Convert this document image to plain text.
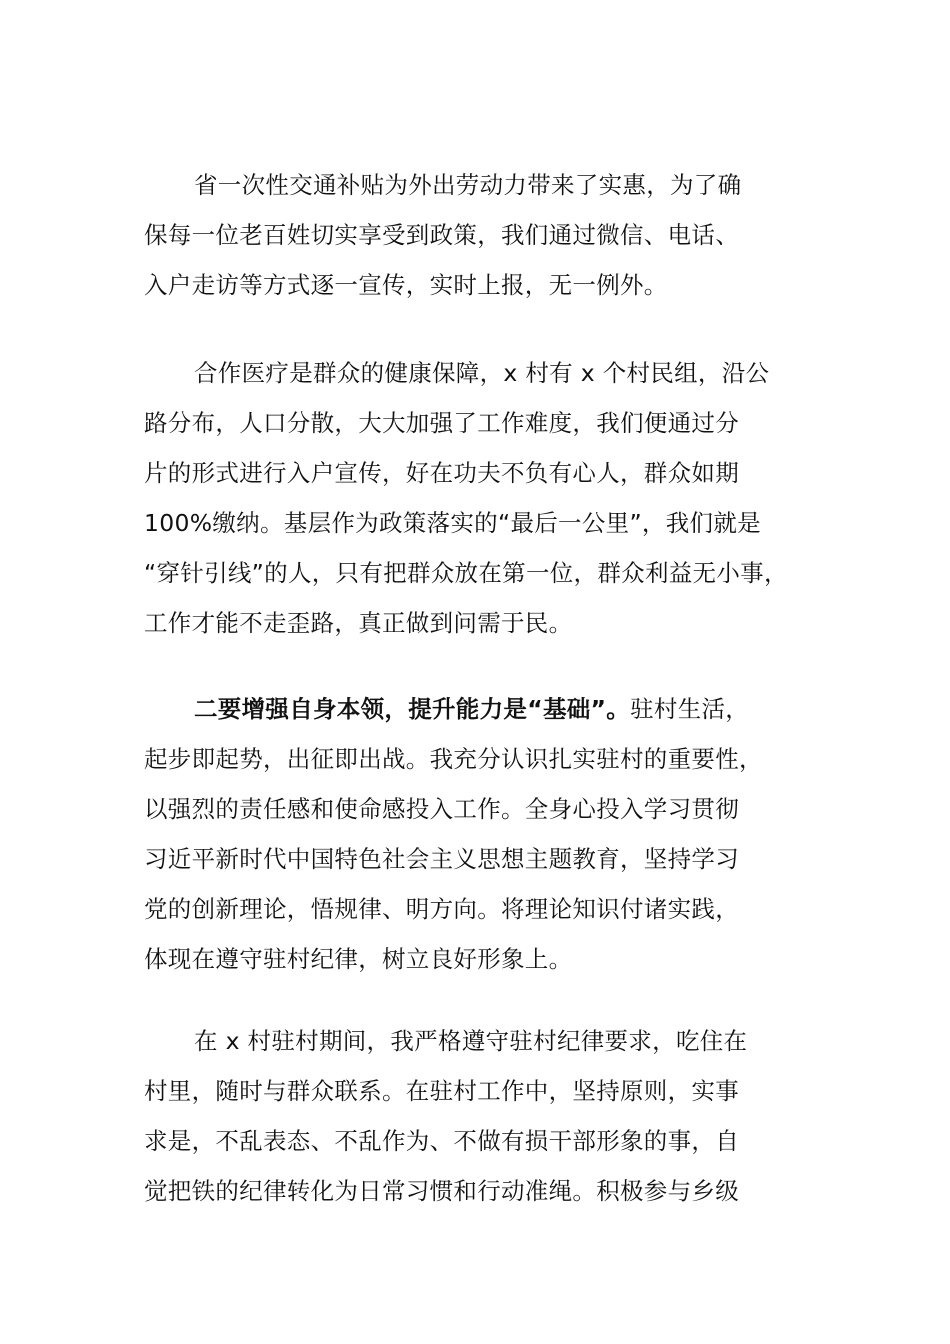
省一次性交通补贴为外出劳动力带来了实惠，为了确
保每一位老百姓切实享受到政策，我们通过微信、电话、
入户走访等方式逐一宣传，实时上报，无一例外。
合作医疗是群众的健康保障，x 村有 x 个村民组，沿公
路分布，人口分散，大大加强了工作难度，我们便通过分
片的形式进行入户宣传，好在功夫不负有心人，群众如期
100%缴纳。基层作为政策落实的“最后一公里”，我们就是
“穿针引线”的人，只有把群众放在第一位，群众利益无小事，
工作才能不走歪路，真正做到问需于民。
二要增强自身本领，提升能力是“基础”。驻村生活，
起步即起势，出征即出战。我充分认识扎实驻村的重要性，
以强烈的责任感和使命感投入工作。全身心投入学习贯彻
习近平新时代中国特色社会主义思想主题教育，坚持学习
党的创新理论，悟规律、明方向。将理论知识付诸实践，
体现在遵守驻村纪律，树立良好形象上。
在 x 村驻村期间，我严格遵守驻村纪律要求，吃住在
村里，随时与群众联系。在驻村工作中，坚持原则，实事
求是，不乱表态、不乱作为、不做有损干部形象的事，自
觉把铁的纪律转化为日常习惯和行动准绳。积极参与乡级
